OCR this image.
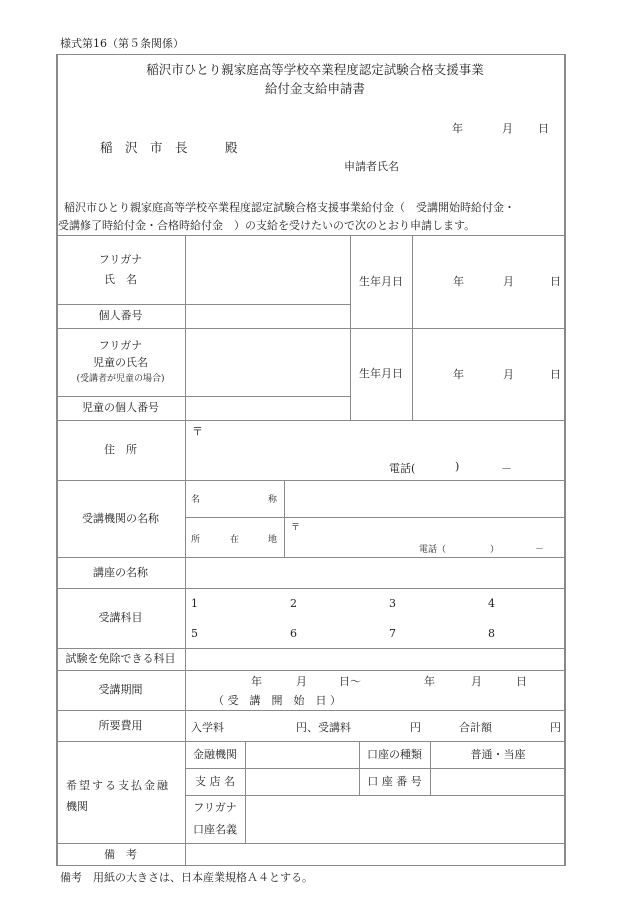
様式第16（第５条関係）
稲沢市ひとり親家庭高等学校卒業程度認定試験合格支援事業
給付金支給申請書
年	月 日
稲　沢　市　長	殿
申請者氏名
稲沢市ひとり親家庭高等学校卒業程度認定試験合格支援事業給付金（　受講開始時給付金・
受講修了時給付金・合格時給付金　）の支給を受けたいので次のとおり申請します。
フリガナ
氏　名
個人番号
生年月日	年	月	日
フリガナ
児童の氏名
(受講者が児童の場合)
児童の個人番号
生年月日	年	月	日
住　所
〒
電話(	)	－
受講機関の名称
名	称
所	在	地
〒
電話（	）	－
講座の名称
受講科目
1	2	3	4
5	6	7	8
試験を免除できる科目
受講期間
年	月	日～	年	月	日
（ 受　講　開　始　日 ）
所要費用	入学料	円、受講料	円	合計額	円
希望する支払金融
機関
金融機関	口座の種類	普通・当座
支 店 名	口 座 番 号
フリガナ
口座名義
備　考
備考　用紙の大きさは、日本産業規格Ａ４とする。
